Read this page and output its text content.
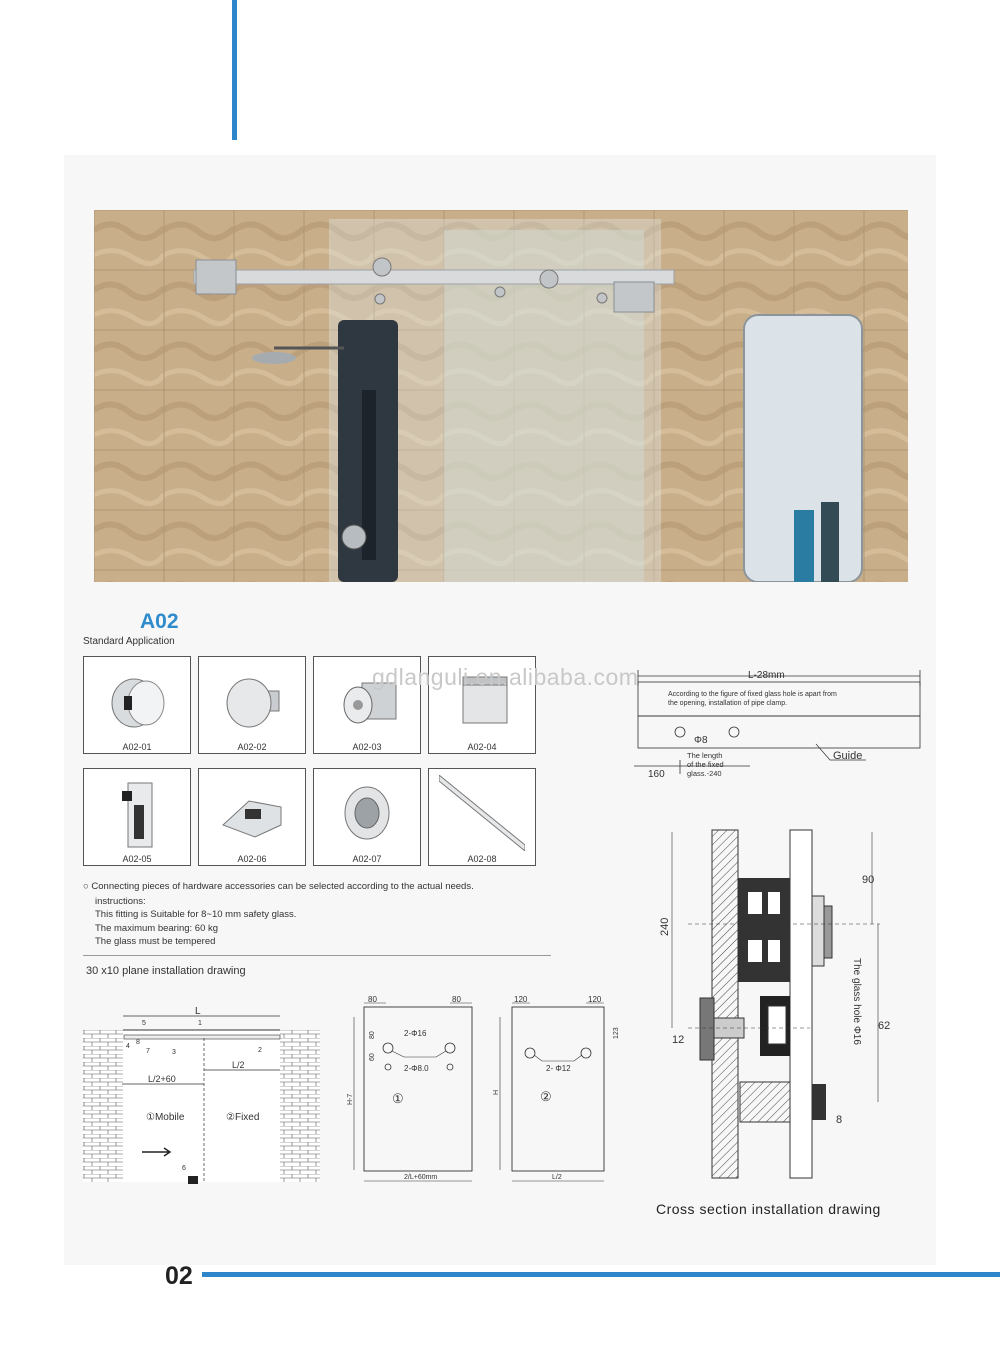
A02
Standard Application
A02-01	A02-02	A02-03	A02-04
A02-05	A02-06	A02-07	A02-08
gdlanguli.en.alibaba.com	L-28mm
According to the figure of fixed glass hole is apart from
the opening, installation of pipe clamp.
Φ8
Guide
160
The length
of the fixed
glass.-240
○ Connecting pieces of hardware accessories can be selected according to the actual needs.
instructions:
This fitting is Suitable for 8~10 mm safety glass.
The maximum bearing: 60 kg
The glass must be tempered
30 x10 plane installation drawing
L
L/2+60
L/2
①Mobile	②Fixed
1
2
3
4
5
6
7
8
80	80
80
60
2-Φ16
2-Φ8.0
H-7	①
2/L+60mm
120	120
123
2- Φ12
H	②
L/2
240
90
62
12
8
The glass hole Φ16
Cross section installation drawing
02
